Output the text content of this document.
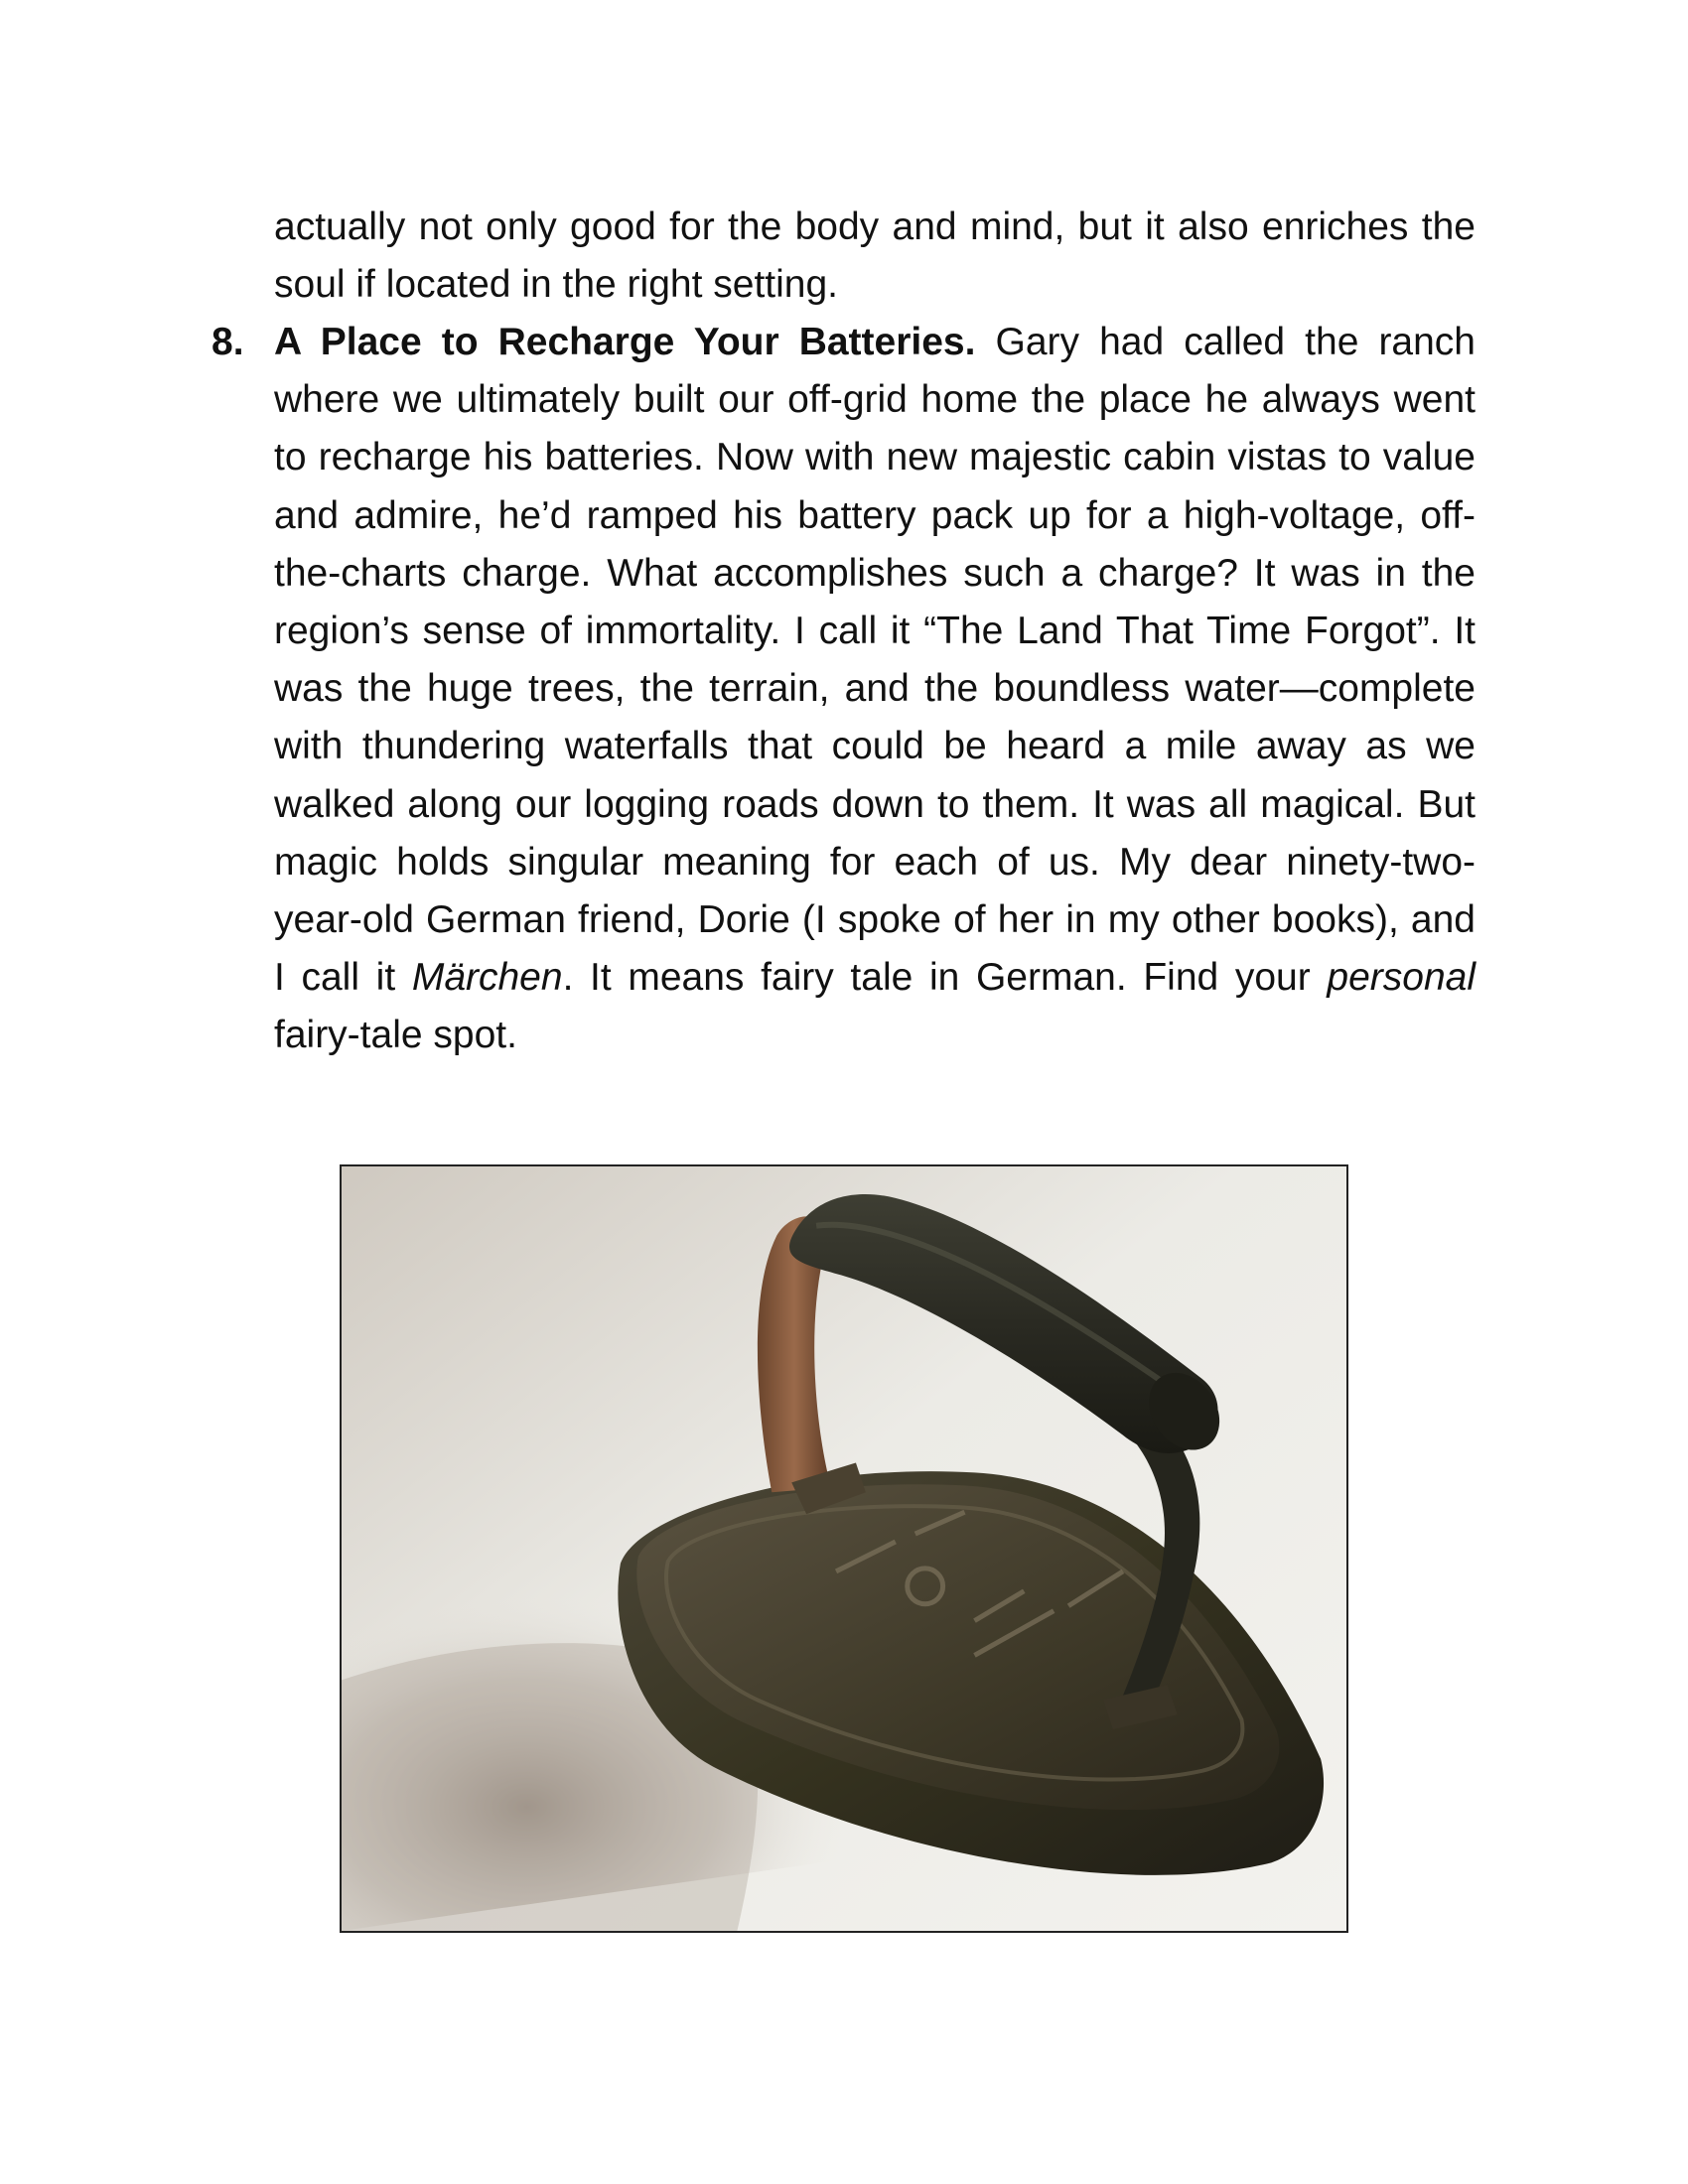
actually not only good for the body and mind, but it also enriches the soul if located in the right setting.

8. A Place to Recharge Your Batteries. Gary had called the ranch where we ultimately built our off-grid home the place he always went to recharge his batteries. Now with new majestic cabin vistas to value and admire, he’d ramped his battery pack up for a high-voltage, off-the-charts charge. What accomplishes such a charge? It was in the region’s sense of immortality. I call it “The Land That Time Forgot”. It was the huge trees, the terrain, and the boundless water—complete with thundering waterfalls that could be heard a mile away as we walked along our logging roads down to them. It was all magical. But magic holds singular meaning for each of us. My dear ninety-two-year-old German friend, Dorie (I spoke of her in my other books), and I call it Märchen. It means fairy tale in German. Find your personal fairy-tale spot.
